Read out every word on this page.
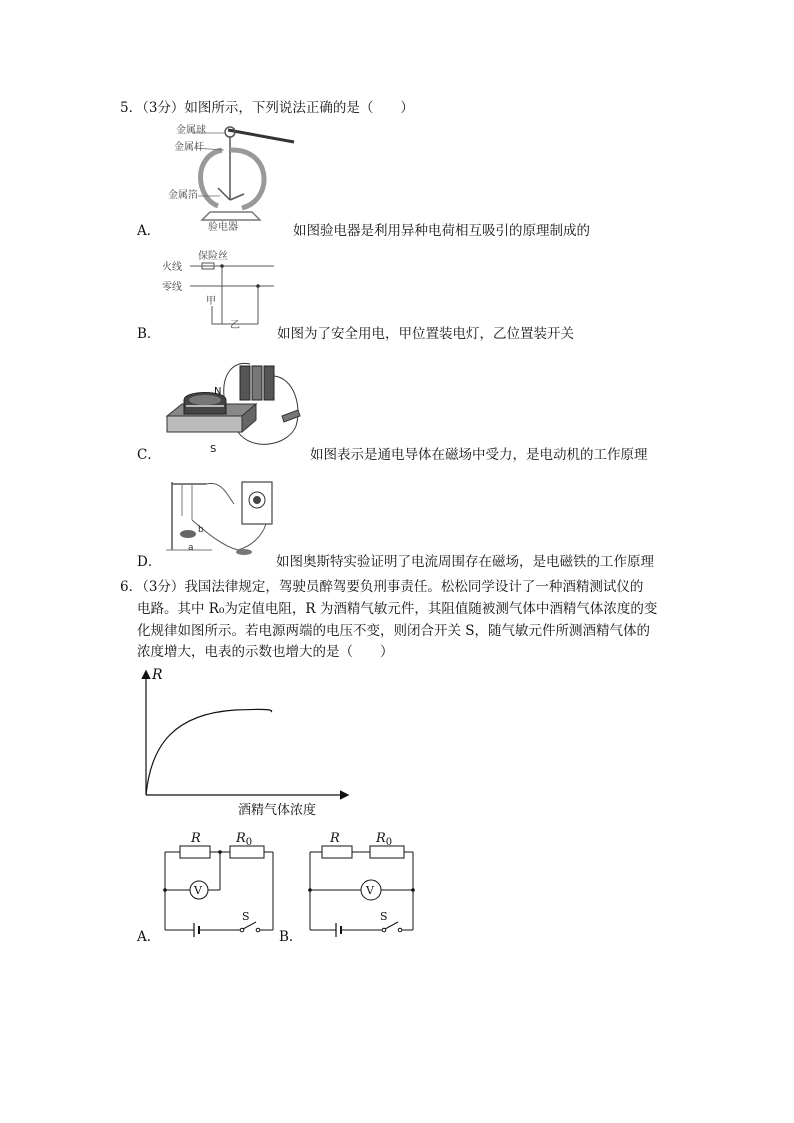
5．（3分）如图所示，下列说法正确的是（　　）
金属球
金属杆
金属箔
验电器
A．	如图验电器是利用异种电荷相互吸引的原理制成的
保险丝
火线
零线
甲
乙
B．	如图为了安全用电，甲位置装电灯，乙位置装开关
N
S
C．	如图表示是通电导体在磁场中受力，是电动机的工作原理
b
a
D．	如图奥斯特实验证明了电流周围存在磁场，是电磁铁的工作原理
6．（3分）我国法律规定，驾驶员醉驾要负刑事责任。松松同学设计了一种酒精测试仪的
电路。其中 R₀为定值电阻，R 为酒精气敏元件，其阻值随被测气体中酒精气体浓度的变
化规律如图所示。若电源两端的电压不变，则闭合开关 S，随气敏元件所测酒精气体的
浓度增大，电表的示数也增大的是（　　）
R
酒精气体浓度
A．
R	$R_0$
V
S
B．
R	$R_0$
V
S
